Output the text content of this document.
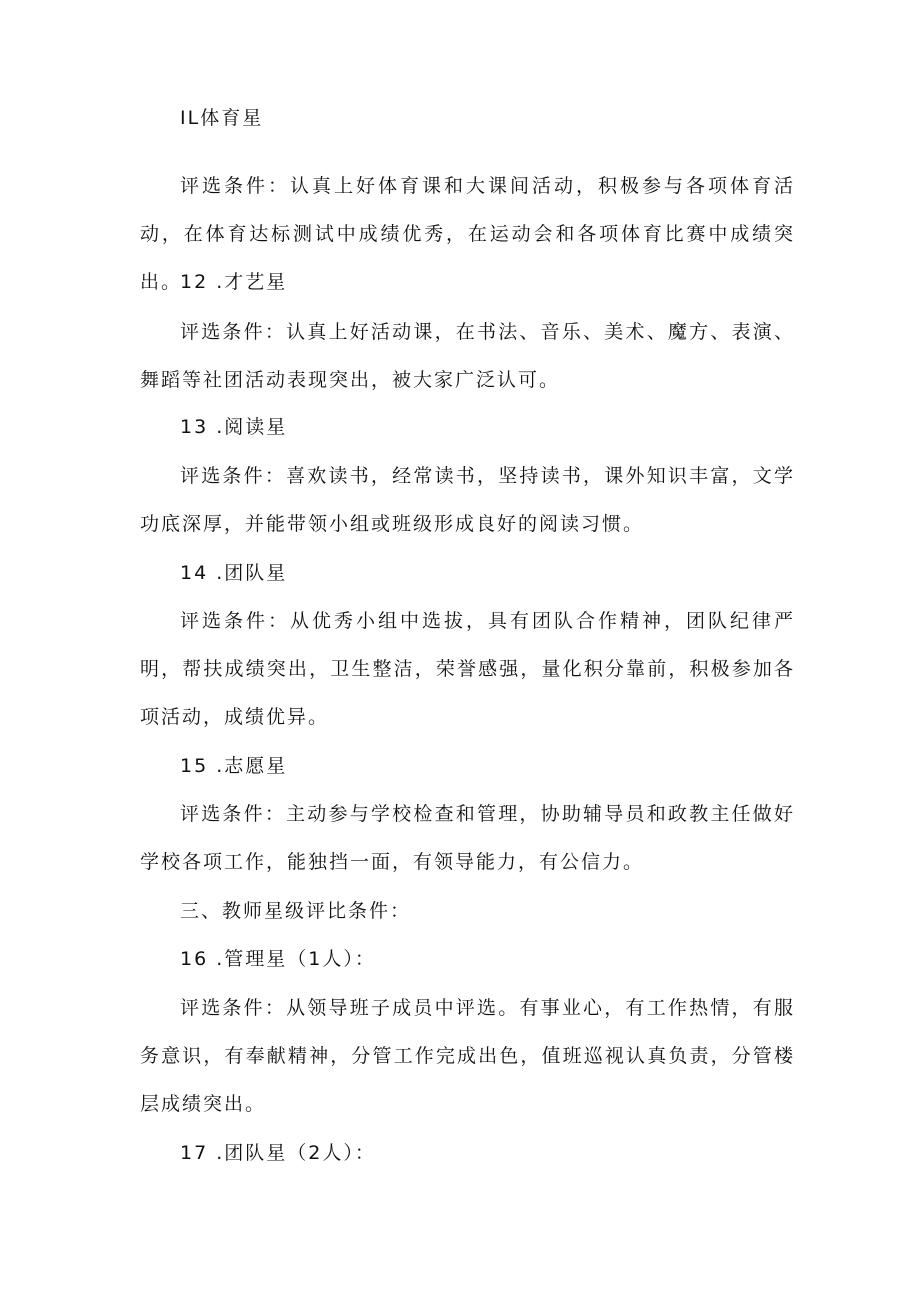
IL体育星

评选条件：认真上好体育课和大课间活动，积极参与各项体育活动，在体育达标测试中成绩优秀，在运动会和各项体育比赛中成绩突出。

12 .才艺星

评选条件：认真上好活动课，在书法、音乐、美术、魔方、表演、舞蹈等社团活动表现突出，被大家广泛认可。

13 .阅读星

评选条件：喜欢读书，经常读书，坚持读书，课外知识丰富，文学功底深厚，并能带领小组或班级形成良好的阅读习惯。

14 .团队星

评选条件：从优秀小组中选拔，具有团队合作精神，团队纪律严明，帮扶成绩突出，卫生整洁，荣誉感强，量化积分靠前，积极参加各项活动，成绩优异。

15 .志愿星

评选条件：主动参与学校检查和管理，协助辅导员和政教主任做好学校各项工作，能独挡一面，有领导能力，有公信力。

三、教师星级评比条件：

16 .管理星（1人）：

评选条件：从领导班子成员中评选。有事业心，有工作热情，有服务意识，有奉献精神，分管工作完成出色，值班巡视认真负责，分管楼层成绩突出。

17 .团队星（2人）：
